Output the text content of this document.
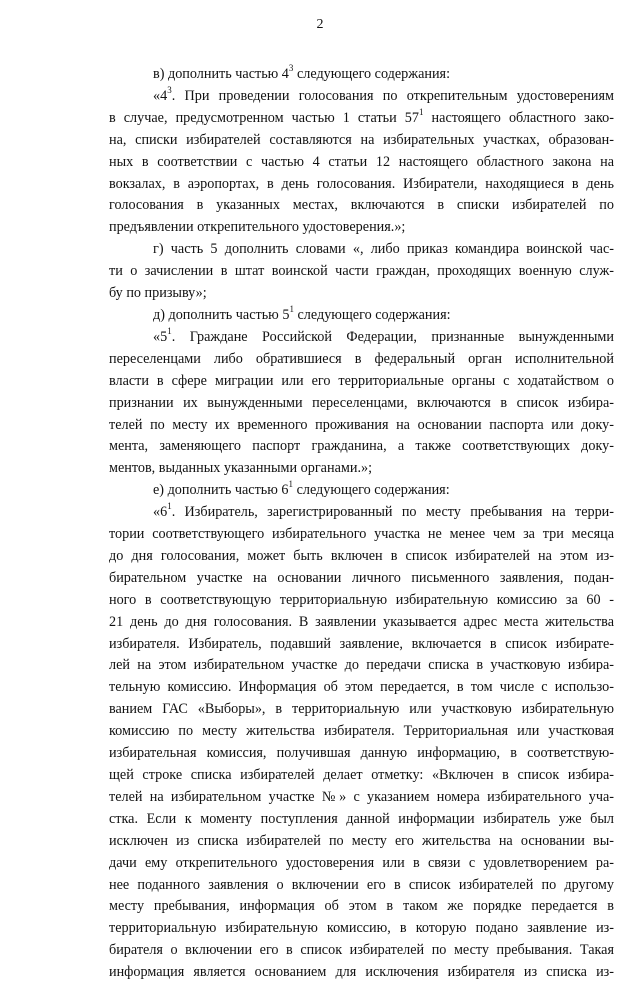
2
в) дополнить частью $4^3$ следующего содержания:
«$4^3$. При проведении голосования по открепительным удостоверениям
в случае, предусмотренном частью 1 статьи $57^1$ настоящего областного зако-
на, списки избирателей составляются на избирательных участках, образован-
ных в соответствии с частью 4 статьи 12 настоящего областного закона на
вокзалах, в аэропортах, в день голосования. Избиратели, находящиеся в день
голосования в указанных местах, включаются в списки избирателей по
предъявлении открепительного удостоверения.»;
г) часть 5 дополнить словами «, либо приказ командира воинской час-
ти о зачислении в штат воинской части граждан, проходящих военную служ-
бу по призыву»;
д) дополнить частью $5^1$ следующего содержания:
«$5^1$. Граждане Российской Федерации, признанные вынужденными
переселенцами либо обратившиеся в федеральный орган исполнительной
власти в сфере миграции или его территориальные органы с ходатайством о
признании их вынужденными переселенцами, включаются в список избира-
телей по месту их временного проживания на основании паспорта или доку-
мента, заменяющего паспорт гражданина, а также соответствующих доку-
ментов, выданных указанными органами.»;
е) дополнить частью $6^1$ следующего содержания:
«$6^1$. Избиратель, зарегистрированный по месту пребывания на терри-
тории соответствующего избирательного участка не менее чем за три месяца
до дня голосования, может быть включен в список избирателей на этом из-
бирательном участке на основании личного письменного заявления, подан-
ного в соответствующую территориальную избирательную комиссию за 60 -
21 день до дня голосования. В заявлении указывается адрес места жительства
избирателя. Избиратель, подавший заявление, включается в список избирате-
лей на этом избирательном участке до передачи списка в участковую избира-
тельную комиссию. Информация об этом передается, в том числе с использо-
ванием ГАС «Выборы», в территориальную или участковую избирательную
комиссию по месту жительства избирателя. Территориальная или участковая
избирательная комиссия, получившая данную информацию, в соответствую-
щей строке списка избирателей делает отметку: «Включен в список избира-
телей на избирательном участке №» с указанием номера избирательного уча-
стка. Если к моменту поступления данной информации избиратель уже был
исключен из списка избирателей по месту его жительства на основании вы-
дачи ему открепительного удостоверения или в связи с удовлетворением ра-
нее поданного заявления о включении его в список избирателей по другому
месту пребывания, информация об этом в таком же порядке передается в
территориальную избирательную комиссию, в которую подано заявление из-
бирателя о включении его в список избирателей по месту пребывания. Такая
информация является основанием для исключения избирателя из списка из-
